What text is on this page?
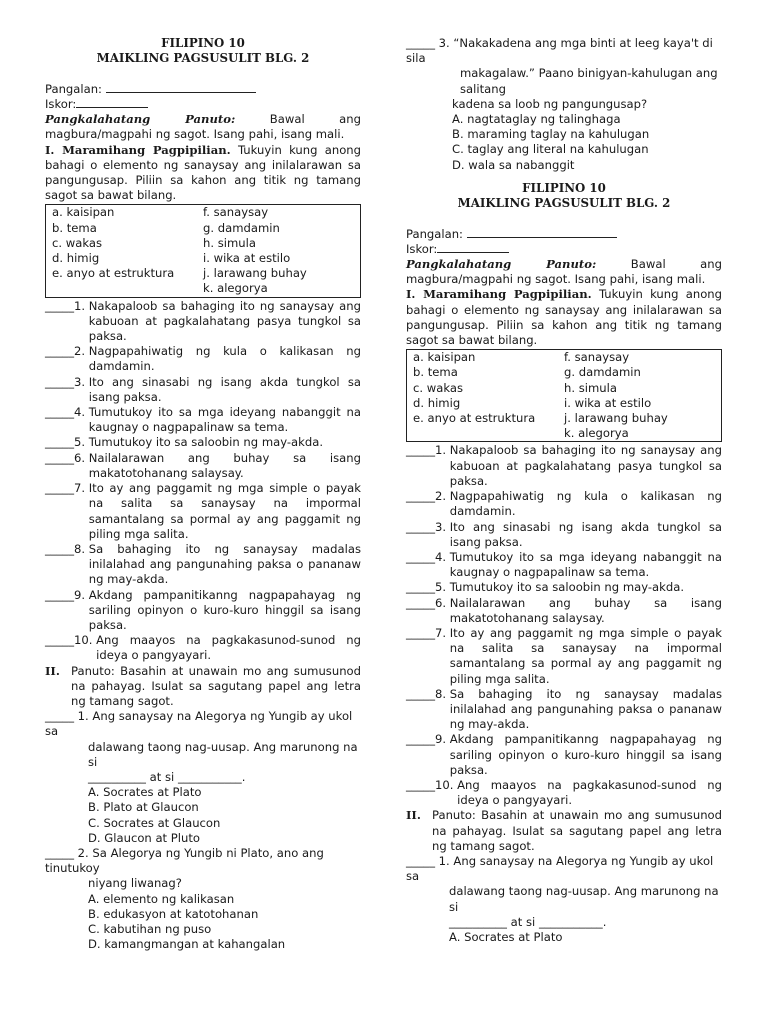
FILIPINO 10
MAIKLING PAGSUSULIT BLG. 2
Pangalan:
Iskor:
Pangkalahatang Panuto:	Bawal ang magbura/magpahi ng sagot. Isang pahi, isang mali.
I. Maramihang Pagpipilian. Tukuyin kung anong bahagi o elemento ng sanaysay ang inilalarawan sa pangungusap. Piliin sa kahon ang titik ng tamang sagot sa bawat bilang.
a. kaisipan
b. tema
c. wakas
d. himig
e. anyo at estruktura
f. sanaysay
g. damdamin
h. simula
i. wika at estilo
j. larawang buhay
k. alegorya
_____1.
Nakapaloob sa bahaging ito ng sanaysay ang kabuoan at pagkalahatang pasya tungkol sa paksa.
_____2.
Nagpapahiwatig ng kula o kalikasan ng damdamin.
_____3.
Ito ang sinasabi ng isang akda tungkol sa isang paksa.
_____4.
Tumutukoy ito sa mga ideyang nabanggit na kaugnay o nagpapalinaw sa tema.
_____5.
Tumutukoy ito sa saloobin ng may-akda.
_____6.
Nailalarawan ang buhay sa isang makatotohanang salaysay.
_____7.
Ito ay ang paggamit ng mga simple o payak na salita sa sanaysay na impormal samantalang sa pormal ay ang paggamit ng piling mga salita.
_____8.
Sa bahaging ito ng sanaysay madalas inilalahad ang pangunahing paksa o pananaw ng may-akda.
_____9.
Akdang pampanitikanng nagpapahayag ng sariling opinyon o kuro-kuro hinggil sa isang paksa.
_____10.
Ang maayos na pagkakasunod-sunod ng ideya o pangyayari.
II. Panuto: Basahin at unawain mo ang sumusunod na pahayag. Isulat sa sagutang papel ang letra ng tamang sagot.
_____ 1. Ang sanaysay na Alegorya ng Yungib ay ukol sa
dalawang taong nag-uusap. Ang marunong na si
__________ at si ___________.
A. Socrates at Plato
B. Plato at Glaucon
C. Socrates at Glaucon
D. Glaucon at Pluto
_____ 2. Sa Alegorya ng Yungib ni Plato, ano ang tinutukoy
niyang liwanag?
A. elemento ng kalikasan
B. edukasyon at katotohanan
C. kabutihan ng puso
D. kamangmangan at kahangalan
_____ 3. “Nakakadena ang mga binti at leeg kaya't di sila
makagalaw.” Paano binigyan-kahulugan ang salitang
kadena sa loob ng pangungusap?
A. nagtataglay ng talinghaga
B. maraming taglay na kahulugan
C. taglay ang literal na kahulugan
D. wala sa nabanggit
FILIPINO 10
MAIKLING PAGSUSULIT BLG. 2
Pangalan:
Iskor:
Pangkalahatang Panuto:	Bawal ang magbura/magpahi ng sagot. Isang pahi, isang mali.
I. Maramihang Pagpipilian. Tukuyin kung anong bahagi o elemento ng sanaysay ang inilalarawan sa pangungusap. Piliin sa kahon ang titik ng tamang sagot sa bawat bilang.
a. kaisipan
b. tema
c. wakas
d. himig
e. anyo at estruktura
f. sanaysay
g. damdamin
h. simula
i. wika at estilo
j. larawang buhay
k. alegorya
_____1.
Nakapaloob sa bahaging ito ng sanaysay ang kabuoan at pagkalahatang pasya tungkol sa paksa.
_____2.
Nagpapahiwatig ng kula o kalikasan ng damdamin.
_____3.
Ito ang sinasabi ng isang akda tungkol sa isang paksa.
_____4.
Tumutukoy ito sa mga ideyang nabanggit na kaugnay o nagpapalinaw sa tema.
_____5.
Tumutukoy ito sa saloobin ng may-akda.
_____6.
Nailalarawan ang buhay sa isang makatotohanang salaysay.
_____7.
Ito ay ang paggamit ng mga simple o payak na salita sa sanaysay na impormal samantalang sa pormal ay ang paggamit ng piling mga salita.
_____8.
Sa bahaging ito ng sanaysay madalas inilalahad ang pangunahing paksa o pananaw ng may-akda.
_____9.
Akdang pampanitikanng nagpapahayag ng sariling opinyon o kuro-kuro hinggil sa isang paksa.
_____10.
Ang maayos na pagkakasunod-sunod ng ideya o pangyayari.
II. Panuto: Basahin at unawain mo ang sumusunod na pahayag. Isulat sa sagutang papel ang letra ng tamang sagot.
_____ 1. Ang sanaysay na Alegorya ng Yungib ay ukol sa
dalawang taong nag-uusap. Ang marunong na si
__________ at si ___________.
A. Socrates at Plato
